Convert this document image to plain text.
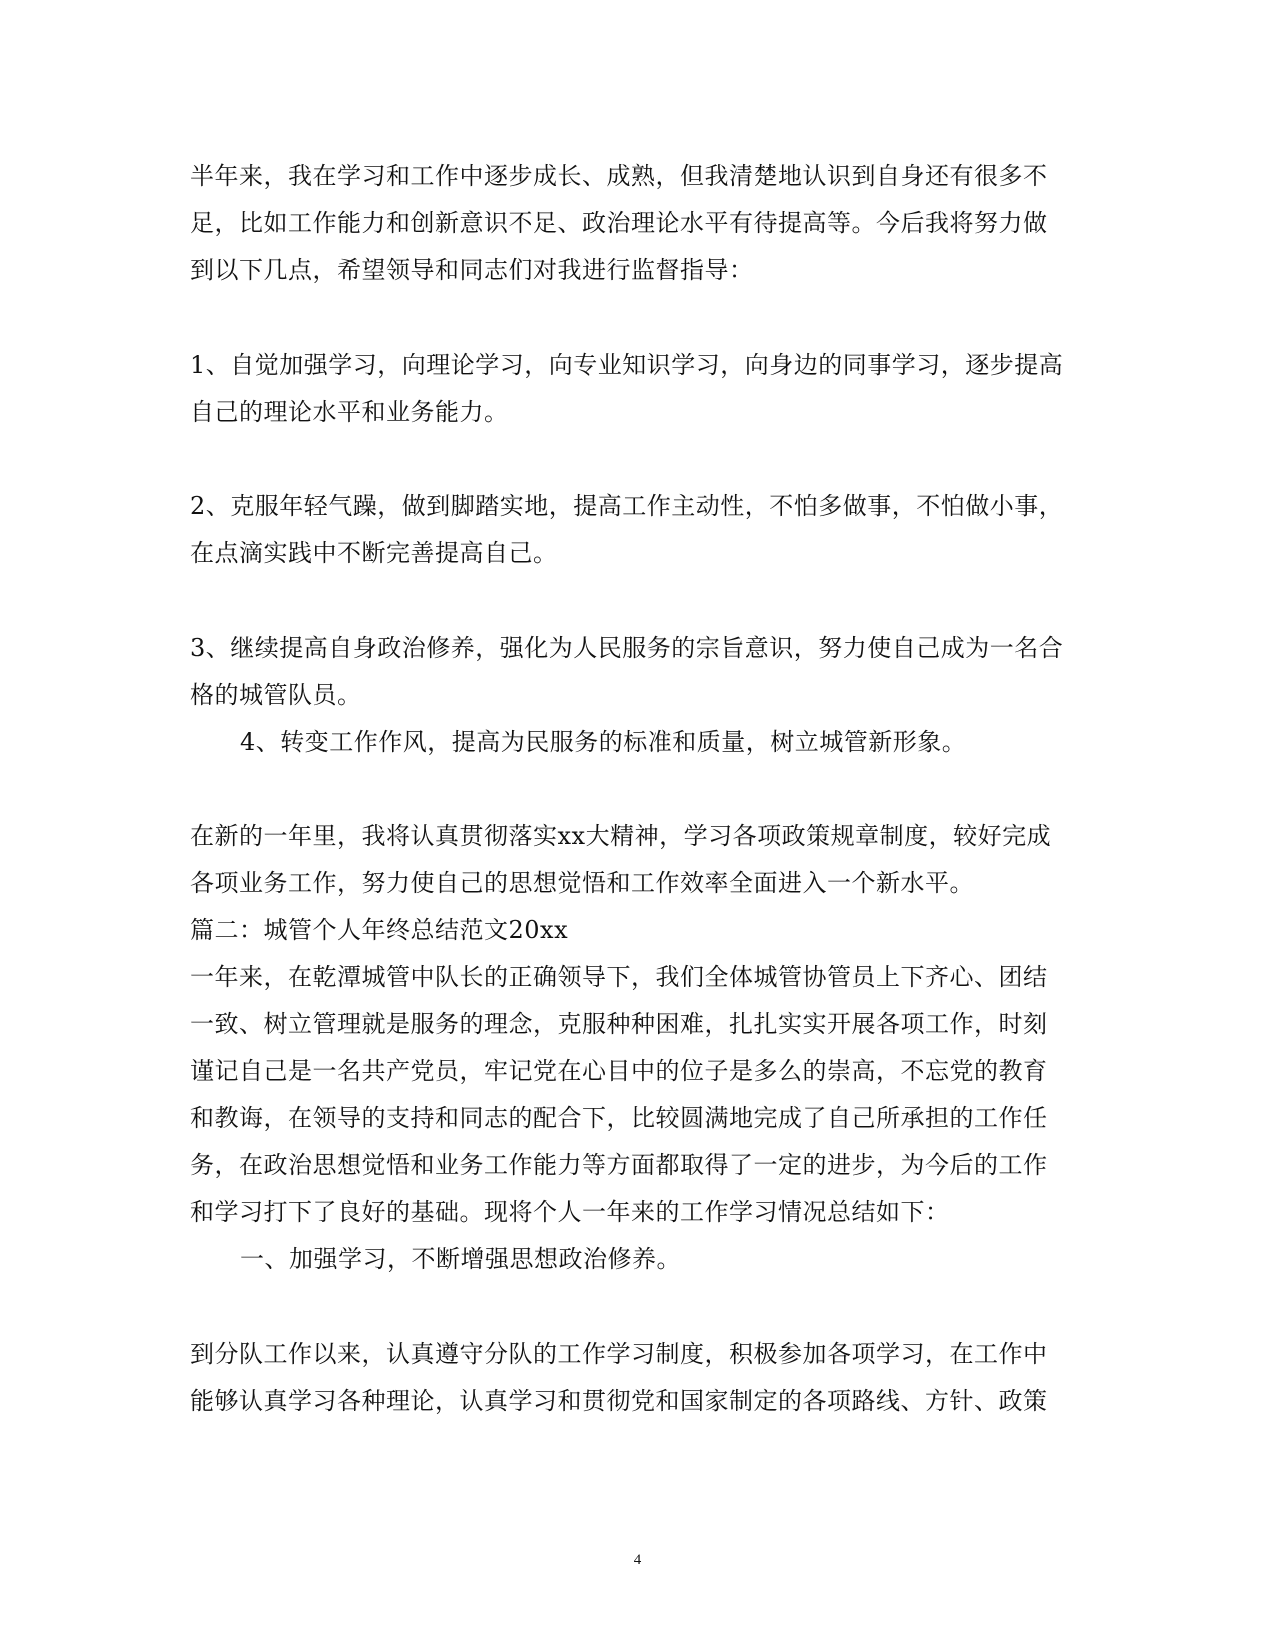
半年来，我在学习和工作中逐步成长、成熟，但我清楚地认识到自身还有很多不
足，比如工作能力和创新意识不足、政治理论水平有待提高等。今后我将努力做
到以下几点，希望领导和同志们对我进行监督指导：
1、自觉加强学习，向理论学习，向专业知识学习，向身边的同事学习，逐步提高
自己的理论水平和业务能力。
2、克服年轻气躁，做到脚踏实地，提高工作主动性，不怕多做事，不怕做小事，
在点滴实践中不断完善提高自己。
3、继续提高自身政治修养，强化为人民服务的宗旨意识，努力使自己成为一名合
格的城管队员。
4、转变工作作风，提高为民服务的标准和质量，树立城管新形象。
在新的一年里，我将认真贯彻落实xx大精神，学习各项政策规章制度，较好完成
各项业务工作，努力使自己的思想觉悟和工作效率全面进入一个新水平。
篇二：城管个人年终总结范文20xx
一年来，在乾潭城管中队长的正确领导下，我们全体城管协管员上下齐心、团结
一致、树立管理就是服务的理念，克服种种困难，扎扎实实开展各项工作，时刻
谨记自己是一名共产党员，牢记党在心目中的位子是多么的崇高，不忘党的教育
和教诲，在领导的支持和同志的配合下，比较圆满地完成了自己所承担的工作任
务，在政治思想觉悟和业务工作能力等方面都取得了一定的进步，为今后的工作
和学习打下了良好的基础。现将个人一年来的工作学习情况总结如下：
一、加强学习，不断增强思想政治修养。
到分队工作以来，认真遵守分队的工作学习制度，积极参加各项学习，在工作中
能够认真学习各种理论，认真学习和贯彻党和国家制定的各项路线、方针、政策
4
